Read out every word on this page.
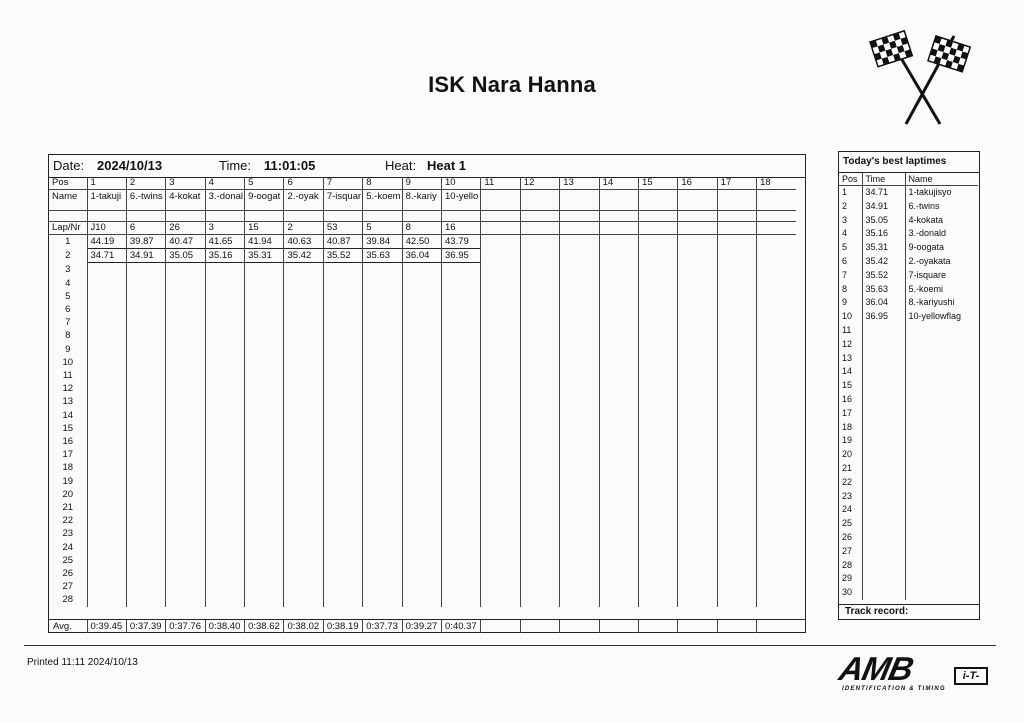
ISK Nara Hanna
Date: 2024/10/13	Time: 11:01:05	Heat: Heat 1
Pos	1	2	3	4	5	6	7	8	9	10	11	12	13	14	15	16	17	18
Name	1-takuji	6.-twins	4-kokat	3.-donal	9-oogat	2.-oyak	7-isquar	5.-koem	8.-kariy	10-yello								

Lap/Nr	J10	6	26	3	15	2	53	5	8	16								
1	44.19	39.87	40.47	41.65	41.94	40.63	40.87	39.84	42.50	43.79								
2	34.71	34.91	35.05	35.16	35.31	35.42	35.52	35.63	36.04	36.95								
3																		
4																		
5																		
6																		
7																		
8																		
9																		
10																		
11																		
12																		
13																		
14																		
15																		
16																		
17																		
18																		
19																		
20																		
21																		
22																		
23																		
24																		
25																		
26																		
27																		
28																		
Avg.	0:39.45	0:37.39	0:37.76	0:38.40	0:38.62	0:38.02	0:38.19	0:37.73	0:39.27	0:40.37								
Today's best laptimes
Pos	Time	Name
1	34.71	1-takujisyo
2	34.91	6.-twins
3	35.05	4-kokata
4	35.16	3.-donald
5	35.31	9-oogata
6	35.42	2.-oyakata
7	35.52	7-isquare
8	35.63	5.-koemi
9	36.04	8.-kariyushi
10	36.95	10-yellowflag
11		
12		
13		
14		
15		
16		
17		
18		
19		
20		
21		
22		
23		
24		
25		
26		
27		
28		
29		
30		
Track record:
Printed 11:11 2024/10/13	AMB	i-T-
IDENTIFICATION & TIMING
